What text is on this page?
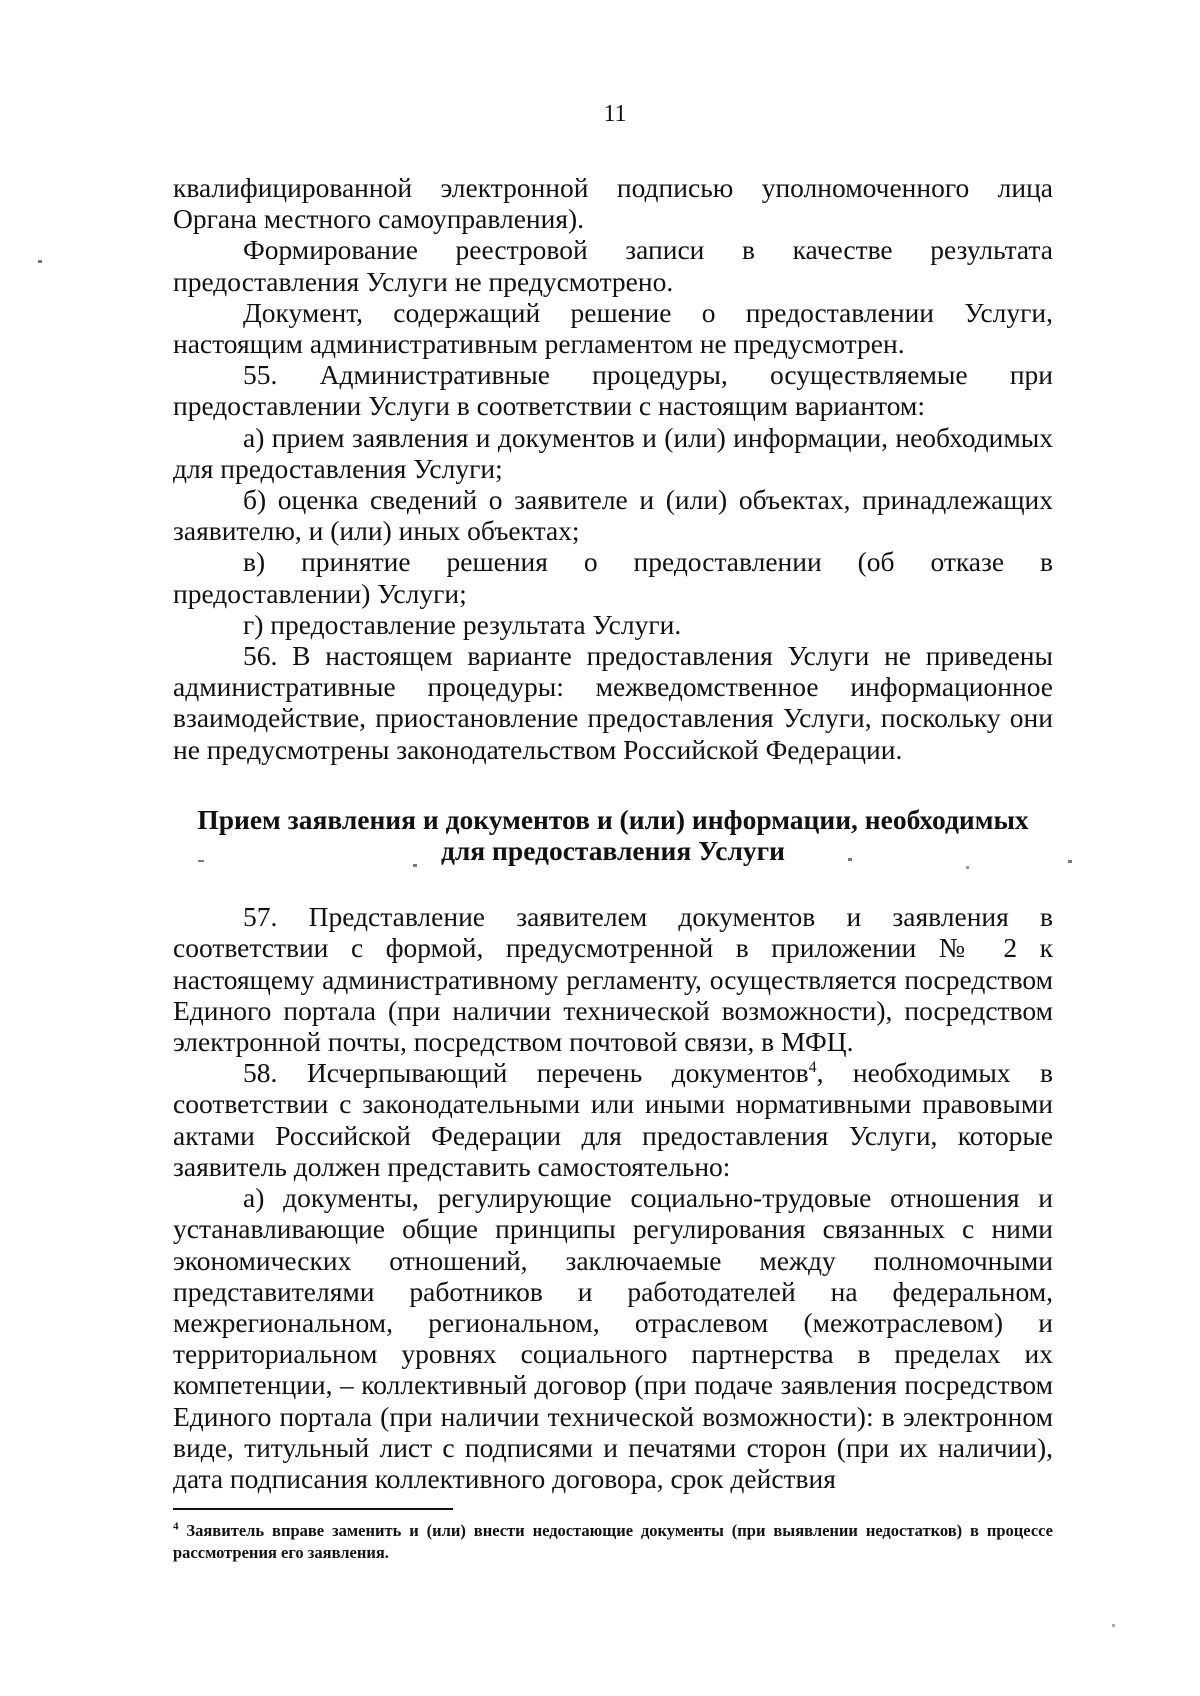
11

квалифицированной электронной подписью уполномоченного лица Органа местного самоуправления).

Формирование реестровой записи в качестве результата предоставления Услуги не предусмотрено.

Документ, содержащий решение о предоставлении Услуги, настоящим административным регламентом не предусмотрен.

55. Административные процедуры, осуществляемые при предоставлении Услуги в соответствии с настоящим вариантом:

а) прием заявления и документов и (или) информации, необходимых для предоставления Услуги;

б) оценка сведений о заявителе и (или) объектах, принадлежащих заявителю, и (или) иных объектах;

в) принятие решения о предоставлении (об отказе в предоставлении) Услуги;

г) предоставление результата Услуги.

56. В настоящем варианте предоставления Услуги не приведены административные процедуры: межведомственное информационное взаимодействие, приостановление предоставления Услуги, поскольку они не предусмотрены законодательством Российской Федерации.

Прием заявления и документов и (или) информации, необходимых для предоставления Услуги

57. Представление заявителем документов и заявления в соответствии с формой, предусмотренной в приложении № 2 к настоящему административному регламенту, осуществляется посредством Единого портала (при наличии технической возможности), посредством электронной почты, посредством почтовой связи, в МФЦ.

58. Исчерпывающий перечень документов$^4$, необходимых в соответствии с законодательными или иными нормативными правовыми актами Российской Федерации для предоставления Услуги, которые заявитель должен представить самостоятельно:

а) документы, регулирующие социально-трудовые отношения и устанавливающие общие принципы регулирования связанных с ними экономических отношений, заключаемые между полномочными представителями работников и работодателей на федеральном, межрегиональном, региональном, отраслевом (межотраслевом) и территориальном уровнях социального партнерства в пределах их компетенции, – коллективный договор (при подаче заявления посредством Единого портала (при наличии технической возможности): в электронном виде, титульный лист с подписями и печатями сторон (при их наличии), дата подписания коллективного договора, срок действия

$^4$ Заявитель вправе заменить и (или) внести недостающие документы (при выявлении недостатков) в процессе рассмотрения его заявления.
